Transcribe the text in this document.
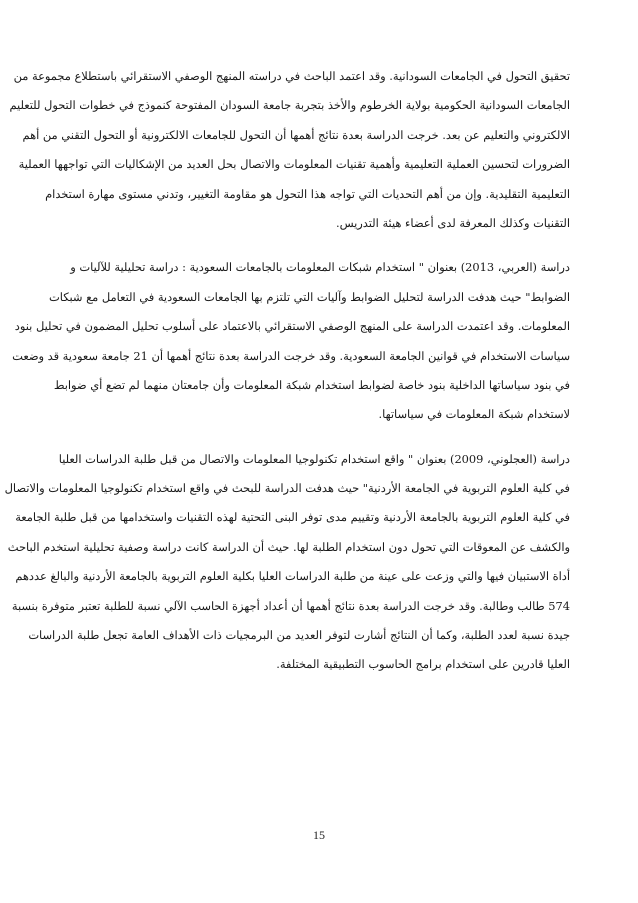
تحقيق التحول في الجامعات السودانية. وقد اعتمد الباحث في دراسته المنهج الوصفي الاستقرائي باستطلاع مجموعة من
الجامعات السودانية الحكومية بولاية الخرطوم والأخذ بتجربة جامعة السودان المفتوحة كنموذج في خطوات التحول للتعليم
الالكتروني والتعليم عن بعد. خرجت الدراسة بعدة نتائج أهمها أن التحول للجامعات الالكترونية أو التحول التقني من أهم
الضرورات لتحسين العملية التعليمية وأهمية تقنيات المعلومات والاتصال بحل العديد من الإشكاليات التي تواجهها العملية
التعليمية التقليدية. وإن من أهم التحديات التي تواجه هذا التحول هو مقاومة التغيير، وتدني مستوى مهارة استخدام
التقنيات وكذلك المعرفة لدى أعضاء هيئة التدريس.
دراسة (العربي، 2013) بعنوان " استخدام شبكات المعلومات بالجامعات السعودية : دراسة تحليلية للآليات و
الضوابط" حيث هدفت الدراسة لتحليل الضوابط وآليات التي تلتزم بها الجامعات السعودية في التعامل مع شبكات
المعلومات. وقد اعتمدت الدراسة على المنهج الوصفي الاستقرائي بالاعتماد على أسلوب تحليل المضمون في تحليل بنود
سياسات الاستخدام في قوانين الجامعة السعودية. وقد خرجت الدراسة بعدة نتائج أهمها أن 21 جامعة سعودية قد وضعت
في بنود سياساتها الداخلية بنود خاصة لضوابط استخدام شبكة المعلومات وأن جامعتان منهما لم تضع أي ضوابط
لاستخدام شبكة المعلومات في سياساتها.
دراسة (العجلوني، 2009) بعنوان " واقع استخدام تكنولوجيا المعلومات والاتصال من قبل طلبة الدراسات العليا
في كلية العلوم التربوية في الجامعة الأردنية" حيث هدفت الدراسة للبحث في واقع استخدام تكنولوجيا المعلومات والاتصال
في كلية العلوم التربوية بالجامعة الأردنية وتقييم مدى توفر البنى التحتية لهذه التقنيات واستخدامها من قبل طلبة الجامعة
والكشف عن المعوقات التي تحول دون استخدام الطلبة لها. حيث أن الدراسة كانت دراسة وصفية تحليلية استخدم الباحث
أداة الاستبيان فيها والتي وزعت على عينة من طلبة الدراسات العليا بكلية العلوم التربوية بالجامعة الأردنية والبالغ عددهم
574 طالب وطالبة. وقد خرجت الدراسة بعدة نتائج أهمها أن أعداد أجهزة الحاسب الآلي نسبة للطلبة تعتبر متوفرة بنسبة
جيدة نسبة لعدد الطلبة، وكما أن النتائج أشارت لتوفر العديد من البرمجيات ذات الأهداف العامة تجعل طلبة الدراسات
العليا قادرين على استخدام برامج الحاسوب التطبيقية المختلفة.
15
